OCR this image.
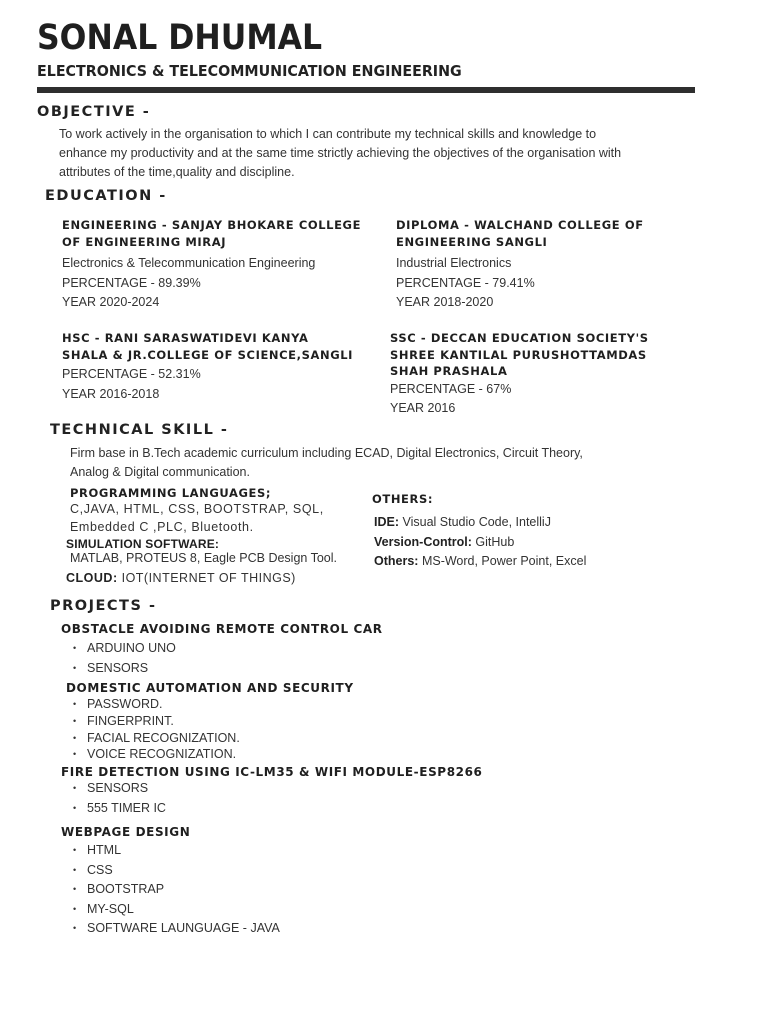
SONAL DHUMAL
ELECTRONICS & TELECOMMUNICATION ENGINEERING
OBJECTIVE -
To work actively in the organisation to which I can contribute my technical skills and knowledge to
enhance my productivity and at the same time strictly achieving the objectives of the organisation with
attributes of the time,quality and discipline.
EDUCATION -
ENGINEERING - SANJAY BHOKARE COLLEGE
OF ENGINEERING MIRAJ
Electronics & Telecommunication Engineering
PERCENTAGE - 89.39%
YEAR 2020-2024
DIPLOMA - WALCHAND COLLEGE OF
ENGINEERING SANGLI
Industrial Electronics
PERCENTAGE - 79.41%
YEAR 2018-2020
HSC - RANI SARASWATIDEVI KANYA
SHALA & JR.COLLEGE OF SCIENCE,SANGLI
PERCENTAGE - 52.31%
YEAR 2016-2018
SSC - DECCAN EDUCATION SOCIETY'S
SHREE KANTILAL PURUSHOTTAMDAS
SHAH PRASHALA
PERCENTAGE - 67%
YEAR 2016
TECHNICAL SKILL -
Firm base in B.Tech academic curriculum including ECAD, Digital Electronics, Circuit Theory,
Analog & Digital communication.
PROGRAMMING LANGUAGES;
C,JAVA, HTML, CSS, BOOTSTRAP, SQL,
Embedded C ,PLC, Bluetooth.
SIMULATION SOFTWARE:
MATLAB, PROTEUS 8, Eagle PCB Design Tool.
CLOUD: IOT(INTERNET OF THINGS)
OTHERS:
IDE: Visual Studio Code, IntelliJ
Version-Control: GitHub
Others: MS-Word, Power Point, Excel
PROJECTS -
OBSTACLE AVOIDING REMOTE CONTROL CAR
• ARDUINO UNO
• SENSORS
DOMESTIC AUTOMATION AND SECURITY
• PASSWORD.
• FINGERPRINT.
• FACIAL RECOGNIZATION.
• VOICE RECOGNIZATION.
FIRE DETECTION USING IC-LM35 & WIFI MODULE-ESP8266
• SENSORS
• 555 TIMER IC
WEBPAGE DESIGN
• HTML
• CSS
• BOOTSTRAP
• MY-SQL
• SOFTWARE LAUNGUAGE - JAVA
